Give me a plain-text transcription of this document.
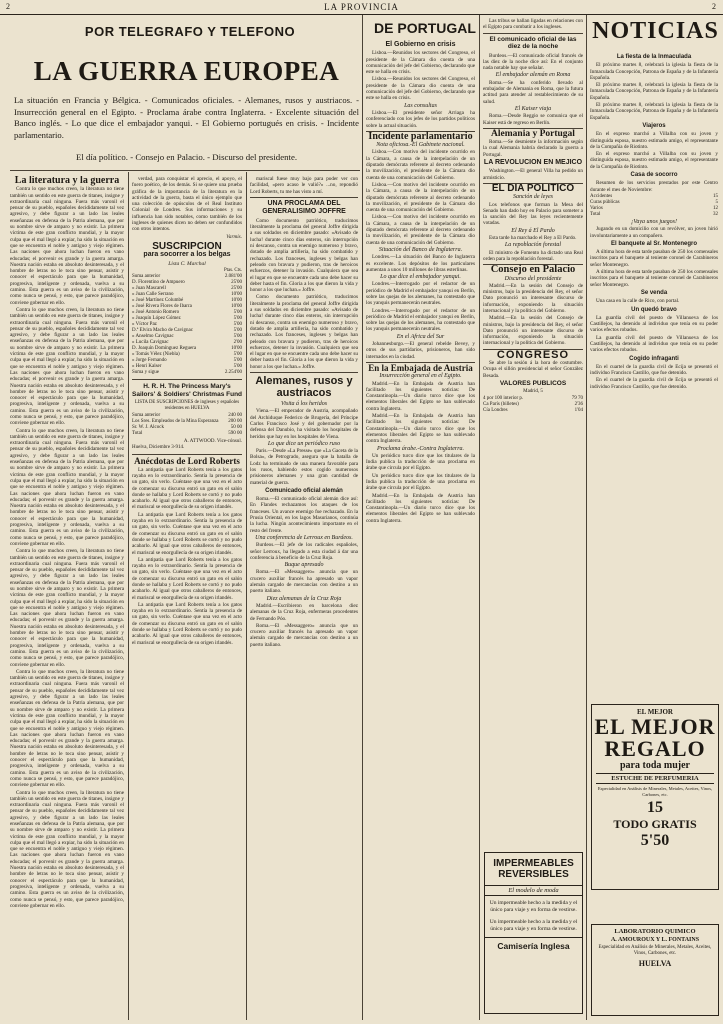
2	LA PROVINCIA	2
POR TELEGRAFO Y TELEFONO	DE PORTUGAL	NOTICIAS
LA GUERRA EUROPEA
La situación en Francia y Bélgica. - Comunicados oficiales. - Alemanes, rusos y austriacos. - Insurrección general en el Egipto. - Proclama árabe contra Inglaterra. - Excelente situación del Banco inglés. - Lo que dice el embajador yanqui. - El Gobierno portugués en crisis. - Incidente parlamentario.
El día político. - Consejo en Palacio. - Discurso del presidente.
La literatura y la guerra

Contra lo que muchos creen, la literatura no tiene también un sentido en este guerra de titanes, insigne y extraordinaria cual ninguna. Fuera más varonil el pensar de su pueblo, españoles decididamente tal vez agresivo, y debe figurar a un lado las leales enseñanzas en defensa de la Patria alemana, que por su nombre sirve de amparo y no existir. La primera víctima de este gran conflicto mundial, y la mayor culpa que el mal llegó a expiar, ha sido la situación en que se encuentra el noble y antiguo y viejo régimen. Las naciones que ahora luchan fueron en vano educadas; el porvenir es grande y la guerra amarga. Nuestra nación estaba en absoluto desinteresada, y el hombre de letras no le toca sino pensar, asistir y conocer el espectáculo para que la humanidad, progresiva, inteligente y ordenada, vuelva a su camino. Esta guerra es un aviso de la civilización, como nunca se pensó, y esto, que parece paradójico, conviene gobernar en ello.

Contra lo que muchos creen, la literatura no tiene también un sentido en este guerra de titanes, insigne y extraordinaria cual ninguna. Fuera más varonil el pensar de su pueblo, españoles decididamente tal vez agresivo, y debe figurar a un lado las leales enseñanzas en defensa de la Patria alemana, que por su nombre sirve de amparo y no existir. La primera víctima de este gran conflicto mundial, y la mayor culpa que el mal llegó a expiar, ha sido la situación en que se encuentra el noble y antiguo y viejo régimen. Las naciones que ahora luchan fueron en vano educadas; el porvenir es grande y la guerra amarga. Nuestra nación estaba en absoluto desinteresada, y el hombre de letras no le toca sino pensar, asistir y conocer el espectáculo para que la humanidad, progresiva, inteligente y ordenada, vuelva a su camino. Esta guerra es un aviso de la civilización, como nunca se pensó, y esto, que parece paradójico, conviene gobernar en ello.

Contra lo que muchos creen, la literatura no tiene también un sentido en este guerra de titanes, insigne y extraordinaria cual ninguna. Fuera más varonil el pensar de su pueblo, españoles decididamente tal vez agresivo, y debe figurar a un lado las leales enseñanzas en defensa de la Patria alemana, que por su nombre sirve de amparo y no existir. La primera víctima de este gran conflicto mundial, y la mayor culpa que el mal llegó a expiar, ha sido la situación en que se encuentra el noble y antiguo y viejo régimen. Las naciones que ahora luchan fueron en vano educadas; el porvenir es grande y la guerra amarga. Nuestra nación estaba en absoluto desinteresada, y el hombre de letras no le toca sino pensar, asistir y conocer el espectáculo para que la humanidad, progresiva, inteligente y ordenada, vuelva a su camino. Esta guerra es un aviso de la civilización, como nunca se pensó, y esto, que parece paradójico, conviene gobernar en ello.

Contra lo que muchos creen, la literatura no tiene también un sentido en este guerra de titanes, insigne y extraordinaria cual ninguna. Fuera más varonil el pensar de su pueblo, españoles decididamente tal vez agresivo, y debe figurar a un lado las leales enseñanzas en defensa de la Patria alemana, que por su nombre sirve de amparo y no existir. La primera víctima de este gran conflicto mundial, y la mayor culpa que el mal llegó a expiar, ha sido la situación en que se encuentra el noble y antiguo y viejo régimen. Las naciones que ahora luchan fueron en vano educadas; el porvenir es grande y la guerra amarga. Nuestra nación estaba en absoluto desinteresada, y el hombre de letras no le toca sino pensar, asistir y conocer el espectáculo para que la humanidad, progresiva, inteligente y ordenada, vuelva a su camino. Esta guerra es un aviso de la civilización, como nunca se pensó, y esto, que parece paradójico, conviene gobernar en ello.

Contra lo que muchos creen, la literatura no tiene también un sentido en este guerra de titanes, insigne y extraordinaria cual ninguna. Fuera más varonil el pensar de su pueblo, españoles decididamente tal vez agresivo, y debe figurar a un lado las leales enseñanzas en defensa de la Patria alemana, que por su nombre sirve de amparo y no existir. La primera víctima de este gran conflicto mundial, y la mayor culpa que el mal llegó a expiar, ha sido la situación en que se encuentra el noble y antiguo y viejo régimen. Las naciones que ahora luchan fueron en vano educadas; el porvenir es grande y la guerra amarga. Nuestra nación estaba en absoluto desinteresada, y el hombre de letras no le toca sino pensar, asistir y conocer el espectáculo para que la humanidad, progresiva, inteligente y ordenada, vuelva a su camino. Esta guerra es un aviso de la civilización, como nunca se pensó, y esto, que parece paradójico, conviene gobernar en ello.

Contra lo que muchos creen, la literatura no tiene también un sentido en este guerra de titanes, insigne y extraordinaria cual ninguna. Fuera más varonil el pensar de su pueblo, españoles decididamente tal vez agresivo, y debe figurar a un lado las leales enseñanzas en defensa de la Patria alemana, que por su nombre sirve de amparo y no existir. La primera víctima de este gran conflicto mundial, y la mayor culpa que el mal llegó a expiar, ha sido la situación en que se encuentra el noble y antiguo y viejo régimen. Las naciones que ahora luchan fueron en vano educadas; el porvenir es grande y la guerra amarga. Nuestra nación estaba en absoluto desinteresada, y el hombre de letras no le toca sino pensar, asistir y conocer el espectáculo para que la humanidad, progresiva, inteligente y ordenada, vuelva a su camino. Esta guerra es un aviso de la civilización, como nunca se pensó, y esto, que parece paradójico, conviene gobernar en ello.

verdad, para conquistar el aprecio, el apoyo, el fuero poético, de los demás. Si se quiere una prueba gráfica de la importancia de la literatura en la actividad de la guerra, basta el único ejemplo que una colección de opúsculos de el Real Instituto Colonial de Londres. Sus informaciones y su influencia han sido notables, como también de los ingleses de quienes dicen no deben ser confundidos con otros intentos.

Varmis.
SUSCRIPCION
para socorrer a los belgas
Lista C. Marchal
Ptas. Cts.
Suma anterior	2.081'00
D. Florentino de Ampuero	25'00
» Juan Mascarell	25'00
» Juan Calle Serrano	10'00
» José Martínez Columbé	10'00
» José Rivera Flores de Ibarra	10'00
» José Antonio Romero	5'00
» Joaquín López Gómez	5'00
» Víctor Paz	5'00
D.ª Elvira Macho de Cavignac	5'00
» Anselmo Cavignac	5'00
» Lucila Cavignac	2'00
D. Joaquín Domínguez Reguera	10'00
» Tomás Vélez (Niebla)	5'00
» Jorge Fernando	5'00
» Henri Kalser	5'00
Suma y sigue	2.254'00
H. R. H. The Princess Mary's Sailors' & Soldiers' Christmas Fund
LISTA DE SUSCRIPCIONES de ingleses y españoles residentes en HUELVA
Suma anterior	240 00
Los Sres. Empleados de la Mina Esperanza 200 00
Sr. W. J. Alcock	50 00
Total	590 00
A. ATTWOOD. Vice-cónsul.
Huelva, Diciembre 3-914.
Anécdotas de Lord Roberts

La antipatía que Lord Roberts tenía a los gatos rayaba en lo extraordinario. Sentía la presencia de un gato, sin verlo. Cuéntase que una vez en el acto de comenzar su discurso entró un gato en el salón donde se hallaba y Lord Roberts se cortó y no pudo acabarlo. Al igual que otros caballeros de entonces, el mariscal se enorgullecía de su origen irlandés.

La antipatía que Lord Roberts tenía a los gatos rayaba en lo extraordinario. Sentía la presencia de un gato, sin verlo. Cuéntase que una vez en el acto de comenzar su discurso entró un gato en el salón donde se hallaba y Lord Roberts se cortó y no pudo acabarlo. Al igual que otros caballeros de entonces, el mariscal se enorgullecía de su origen irlandés.

La antipatía que Lord Roberts tenía a los gatos rayaba en lo extraordinario. Sentía la presencia de un gato, sin verlo. Cuéntase que una vez en el acto de comenzar su discurso entró un gato en el salón donde se hallaba y Lord Roberts se cortó y no pudo acabarlo. Al igual que otros caballeros de entonces, el mariscal se enorgullecía de su origen irlandés.

La antipatía que Lord Roberts tenía a los gatos rayaba en lo extraordinario. Sentía la presencia de un gato, sin verlo. Cuéntase que una vez en el acto de comenzar su discurso entró un gato en el salón donde se hallaba y Lord Roberts se cortó y no pudo acabarlo. Al igual que otros caballeros de entonces, el mariscal se enorgullecía de su origen irlandés.

mariscal fuese muy bajo para poder ver con facilidad, «pero acaso le valió?» ...no, repondió Lord Roberts, tu me has visto a mí.

UNA PROCLAMA DEL GENERALISIMO JOFFRE

Como documento patriótico, traducimos literalmente la proclama del general Joffre dirigida a sus soldados en diciembre pasado: «Avisado de lucha! durante cinco días enteros, sin interrupción ni descanso, contra un enemigo numeroso y bravo, dotado de amplia artillería, ha sido combatido y rechazado. Los franceses, ingleses y belgas han peleado con bravura y pudieron, tras de heroicos esfuerzos, detener la invasión. Cualquiera que sea el lugar en que se encuentre cada uno debe hacer su deber hasta el fin. Gloria a los que dieron la vida y honor a los que luchan.» Joffre.

Como documento patriótico, traducimos literalmente la proclama del general Joffre dirigida a sus soldados en diciembre pasado: «Avisado de lucha! durante cinco días enteros, sin interrupción ni descanso, contra un enemigo numeroso y bravo, dotado de amplia artillería, ha sido combatido y rechazado. Los franceses, ingleses y belgas han peleado con bravura y pudieron, tras de heroicos esfuerzos, detener la invasión. Cualquiera que sea el lugar en que se encuentre cada uno debe hacer su deber hasta el fin. Gloria a los que dieron la vida y honor a los que luchan.» Joffre.

Alemanes, rusos y austriacos
Visita á los heridos

Viena.—El emperador de Austria, acompañado del Archiduque Federico de Brugería, del Príncipe Carlos Francisco José y del gobernador por la defensa del Danubio, ha visitado los hospitales de heridos que hay en los hospitales de Viena.

Lo que dice un periódico ruso

Paris.—Desde «La Presse» que «La Gaceta de la Bolsa», de Petrogrado, asegura que la batalla de Lodz ha terminado de una manera favorable para los rusos, habiendo estos cogido numerosos prisioneros alemanes y una gran cantidad de material de guerra.

Comunicado oficial alemán

Roma.—El comunicado oficial alemán dice así: En Flandes rechazamos los ataques de los franceses. Un avance enemigo fue rechazado. En la Prusia Oriental, en los lagos Masurianos, continúa la lucha. Ningún acontecimiento importante en el resto del frente.

Una conferencia de Lerroux en Burdeos.

Burdeos.—El jefe de los radicales españoles, señor Lerroux, ha llegado a esta ciudad á dar una conferencia á beneficio de la Cruz Roja.

Buque apresado

Roma.—El «Messaggero» anuncia que un crucero auxiliar francés ha apresado un vapor alemán cargado de mercancías con destino a un puerto italiano.

Diez alemanas de la Cruz Roja

Madrid.—Escribieron en barcelona diez alemanas de la Cruz Roja, enfermeras procedentes de Fernando Póo.

Roma.—El «Messaggero» anuncia que un crucero auxiliar francés ha apresado un vapor alemán cargado de mercancías con destino a un puerto italiano.

El Gobierno en crisis

Lisboa.—Reunidos los sectores del Congreso, el presidente de la Cámara dio cuenta de una comunicación del jefe del Gobierno, declarando que este se halla en crisis.

Lisboa.—Reunidos los sectores del Congreso, el presidente de la Cámara dio cuenta de una comunicación del jefe del Gobierno, declarando que este se halla en crisis.

Las consultas

Lisboa.—El presidente señor Arriaga ha conferenciado con los jefes de los partidos políticos sobre la actual situación.

Incidente parlamentario
Nota oficiosa.-El Gabinete nacional.

Lisboa.—Con motivo del incidente ocurrido en la Cámara, a causa de la interpelación de un diputado demócrata referente al decreto ordenando la movilización, el presidente de la Cámara dio cuenta de una comunicación del Gobierno.

Lisboa.—Con motivo del incidente ocurrido en la Cámara, a causa de la interpelación de un diputado demócrata referente al decreto ordenando la movilización, el presidente de la Cámara dio cuenta de una comunicación del Gobierno.

Lisboa.—Con motivo del incidente ocurrido en la Cámara, a causa de la interpelación de un diputado demócrata referente al decreto ordenando la movilización, el presidente de la Cámara dio cuenta de una comunicación del Gobierno.

Situación del Banco de Inglaterra.

Londres.—La situación del Banco de Inglaterra es excelente. Los depósitos de los particulares aumentan a unos 10 millones de libras esterlinas.

Lo que dice el embajador yanqui.

Londres.—Interrogado por el redactor de un periódico de Madrid el embajador yanqui en Berlín, sobre las quejas de los alemanes, ha contestado que los yanquis permanecerán neutrales.

Londres.—Interrogado por el redactor de un periódico de Madrid el embajador yanqui en Berlín, sobre las quejas de los alemanes, ha contestado que los yanquis permanecerán neutrales.

En el Africa del Sur

Johannesburgo.—El general rebelde Bevey, y otros de sus partidarios, prisioneros, han sido internados en la ciudad.

En la Embajada de Austria
Insurrección general en el Egipto.

Madrid.—En la Embajada de Austria han facilitado los siguientes noticias: De Constantinopla.—Un diario turco dice que los elementos liberales del Egipto se han sublevado contra Inglaterra.

Madrid.—En la Embajada de Austria han facilitado los siguientes noticias: De Constantinopla.—Un diario turco dice que los elementos liberales del Egipto se han sublevado contra Inglaterra.

Proclama árabe.-Contra Inglaterra.

Un periódico turco dice que los titulares de la India publica la traducción de una proclama en árabe que circula por el Egipto.

Un periódico turco dice que los titulares de la India publica la traducción de una proclama en árabe que circula por el Egipto.

Madrid.—En la Embajada de Austria han facilitado los siguientes noticias: De Constantinopla.—Un diario turco dice que los elementos liberales del Egipto se han sublevado contra Inglaterra.

Las tribus se hallan ligadas en relaciones con el Egipto para combatir a los ingleses.

El comunicado oficial de las diez de la noche

Burdeos.—El comunicado oficial francés de las diez de la noche dice así: En el conjunto nada notable hay que señalar.

El embajador alemán en Roma

Roma.—Se ha conferido llevado al embajador de Alemania en Roma, que la futura actitud para atender al restablecimiento de su salud.

El Kaiser viaja

Roma.—Desde Reggio se comunica que el Kaiser está de regreso en Berlín.

Alemania y Portugal

Roma.—Se desmiente la información según la cual Alemania habría declarado la guerra a Portugal.

LA REVOLUCION EN MEJICO

Washington.—El general Villa ha pedido un armisticio.

EL DIA POLITICO
Sanción de leyes

Los telefonos que forman la Mesa del Senado han dado hoy en Palacio para someter a la sanción del Rey las leyes recientemente votadas.

El Rey á El Pardo

Esta tarde ha marchado el Rey a El Pardo.

La repoblación forestal

El ministro de Fomento ha dictado una Real orden para la repoblación forestal.

Consejo en Palacio
Discurso del presidente

Madrid.—En la sesión del Consejo de ministros, bajo la presidencia del Rey, el señor Dato pronunció un interesante discurso de información, exponiendo la situación internacional y la política del Gobierno.

Madrid.—En la sesión del Consejo de ministros, bajo la presidencia del Rey, el señor Dato pronunció un interesante discurso de información, exponiendo la situación internacional y la política del Gobierno.

CONGRESO

Se abre la sesión á la hora de costumbre. Ocupa el sillón presidencial el señor González Besada.

VALORES PUBLICOS
Madrid, 5
4 por 100 interior p.	79 70
Ca París (billetes)	2'36
Cía Londres	1'04
IMPERMEABLES REVERSIBLES
El modelo de moda
Un impermeable hecho a la medida y el único para viaje y en forma de vestirse.
Un impermeable hecho a la medida y el único para viaje y en forma de vestirse.
Camisería Inglesa
La fiesta de la Inmaculada

El próximo martes 8, celebrará la iglesia la fiesta de la Inmaculada Concepción, Patrona de España y de la Infantería Española.

El próximo martes 8, celebrará la iglesia la fiesta de la Inmaculada Concepción, Patrona de España y de la Infantería Española.

El próximo martes 8, celebrará la iglesia la fiesta de la Inmaculada Concepción, Patrona de España y de la Infantería Española.

Viajeros

En el expreso marchó a Villalba con su joven y distinguida esposa, nuestro estimado amigo, el representante de la Compañía de Riotinto.

En el expreso marchó a Villalba con su joven y distinguida esposa, nuestro estimado amigo, el representante de la Compañía de Riotinto.

Casa de socorro

Resumen de los servicios prestados por este Centro durante el mes de Noviembre:

Accidentes	15
Curas públicas	5
Varios	12
Total	32
¡Vaya unos juegos!

Jugando en un domicilio con un revólver, un joven hirió involuntariamente a un compañero.

El banquete al Sr. Montenegro

A última hora de esta tarde pasaban de 250 los comensales inscritos para el banquete al teniente coronel de Carabineros señor Montenegro.

A última hora de esta tarde pasaban de 250 los comensales inscritos para el banquete al teniente coronel de Carabineros señor Montenegro.

Se venda

Una casa en la calle de Rico, con portal.

Un quedó bravo

La guardia civil del puesto de Villanueva de los Castillejos, ha detenido al individuo que tenía en su poder varios efectos robados.

La guardia civil del puesto de Villanueva de los Castillejos, ha detenido al individuo que tenía en su poder varios efectos robados.

Cogido infraganti

En el cuartel de la guardia civil de Ecija se presentó el individuo Francisco Castillo, que fue detenido.

En el cuartel de la guardia civil de Ecija se presentó el individuo Francisco Castillo, que fue detenido.

EL MEJOR
EL MEJOR REGALO
para toda mujer
ESTUCHE DE PERFUMERIA
Especialidad en Análisis de Minerales, Metales, Aceites, Vinos, Carbones, etc.
15
TODO GRATIS
5'50
LABORATORIO QUIMICO
A. AMOUROUX Y L. FONTAINS
Especialidad en Análisis de Minerales, Metales, Aceites, Vinos, Carbones, etc.
HUELVA
